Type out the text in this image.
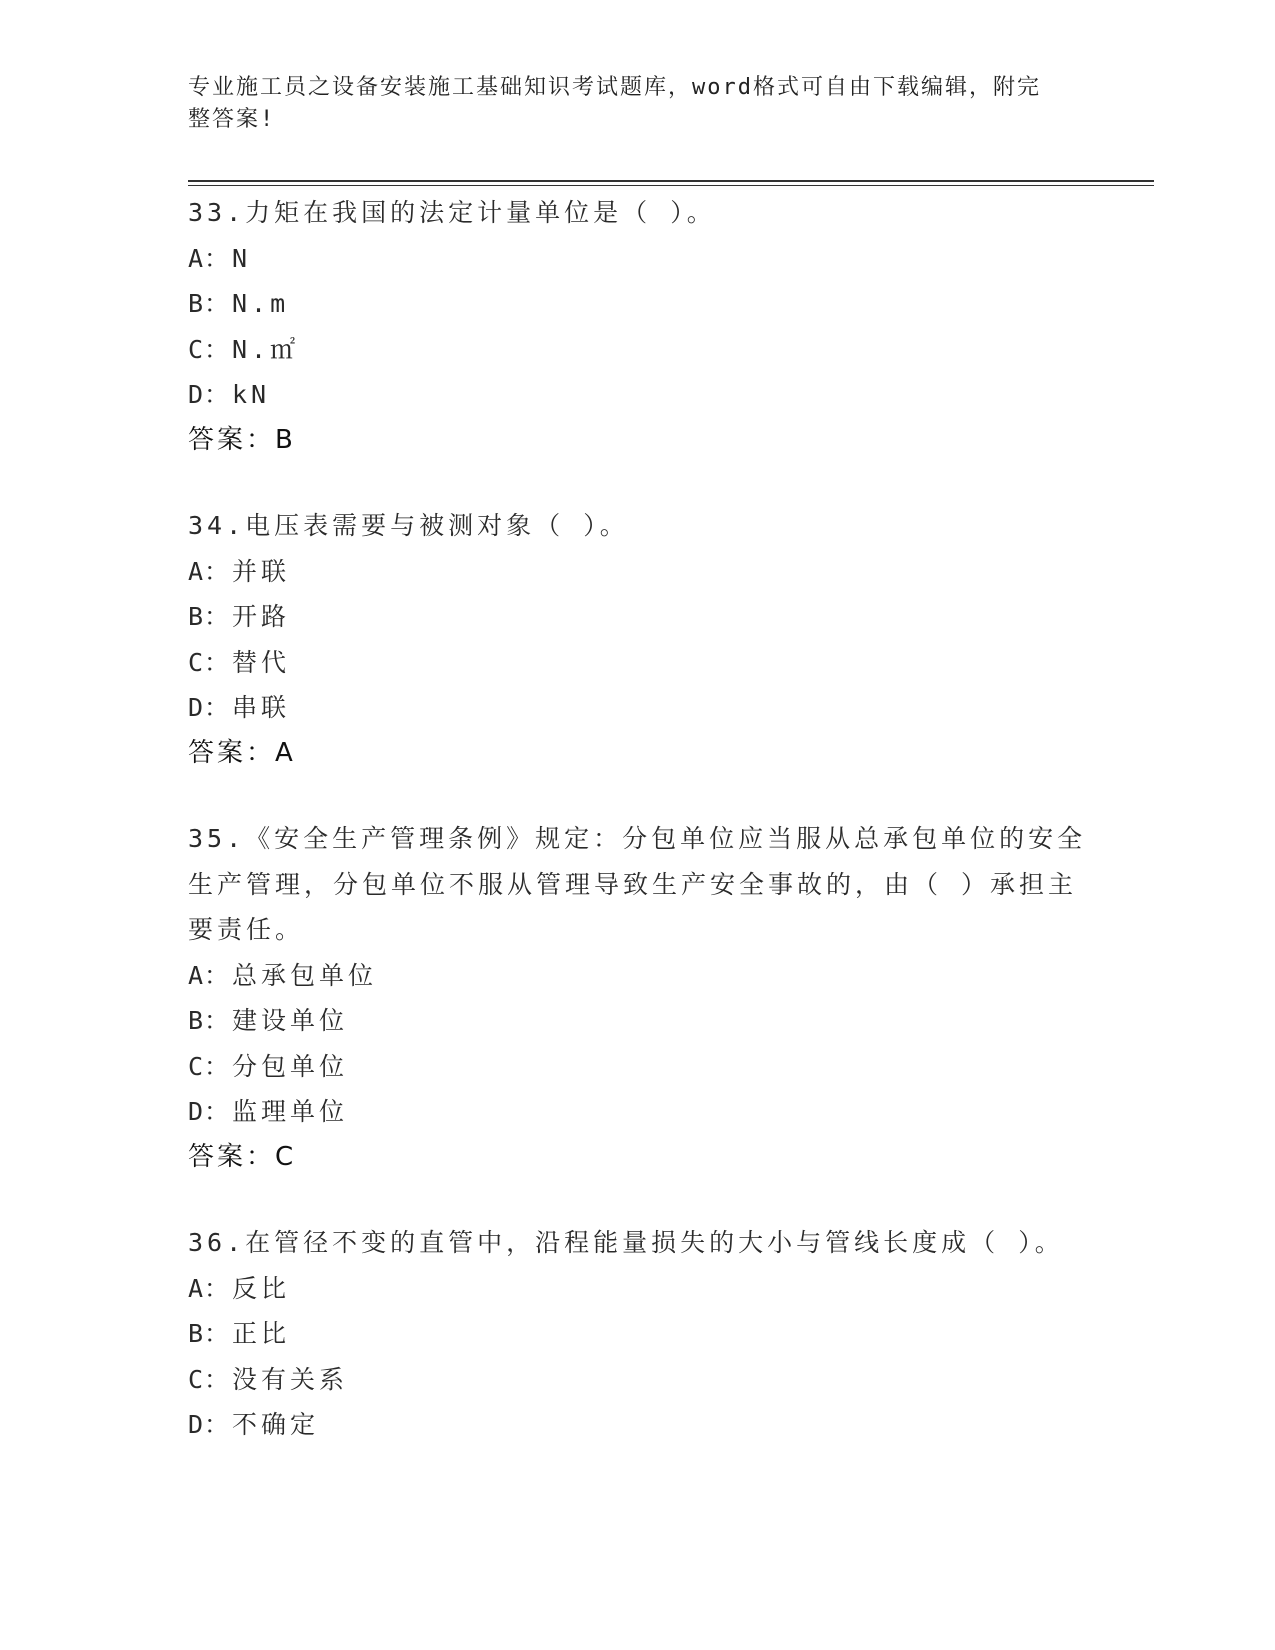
专业施工员之设备安装施工基础知识考试题库，word格式可自由下载编辑，附完
整答案!
33.力矩在我国的法定计量单位是（ ）。
A： N
B： N.m
C： N.㎡
D： kN
答案：B
34.电压表需要与被测对象（ ）。
A： 并联
B： 开路
C： 替代
D： 串联
答案：A
35.《安全生产管理条例》规定：分包单位应当服从总承包单位的安全
生产管理，分包单位不服从管理导致生产安全事故的，由（ ）承担主
要责任。
A： 总承包单位
B： 建设单位
C： 分包单位
D： 监理单位
答案：C
36.在管径不变的直管中，沿程能量损失的大小与管线长度成（ ）。
A： 反比
B： 正比
C： 没有关系
D： 不确定
